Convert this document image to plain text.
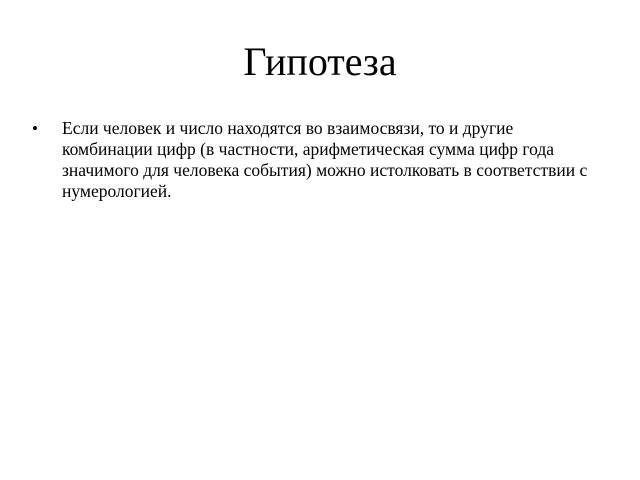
Гипотеза
•	Если человек и число находятся во взаимосвязи, то и другие комбинации цифр (в частности, арифметическая сумма цифр года значимого для человека события) можно истолковать в соответствии с нумерологией.
